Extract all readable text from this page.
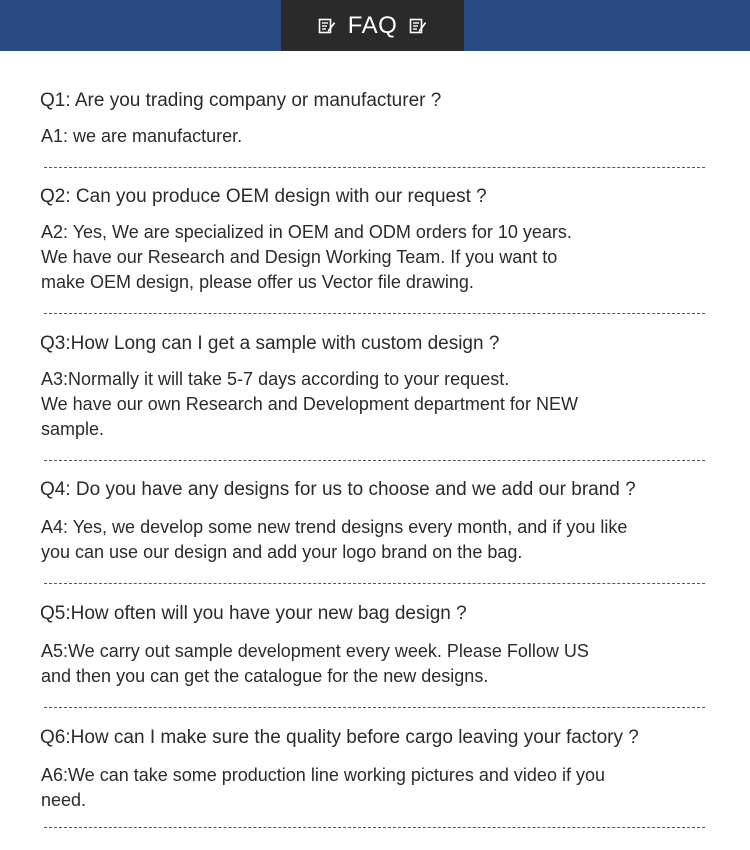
FAQ
Q1: Are you trading company or manufacturer ?
A1: we are manufacturer.
Q2: Can you produce OEM design with our request ?
A2: Yes, We are specialized in OEM and ODM orders for 10 years.
We have our Research and Design Working Team. If you want to
make OEM design, please offer us Vector file drawing.
Q3:How Long can I get a sample with custom design ?
A3:Normally it will take 5-7 days according to your request.
We have our own Research and Development department for NEW
sample.
Q4: Do you have any designs for us to choose and we add our brand ?
A4: Yes, we develop some new trend designs every month, and if you like
you can use our design and add your logo brand on the bag.
Q5:How often will you have your new bag design ?
A5:We carry out sample development every week. Please Follow US
and then you can get the catalogue for the new designs.
Q6:How can I make sure the quality before cargo leaving your factory ?
A6:We can take some production line working pictures and video if you
need.
